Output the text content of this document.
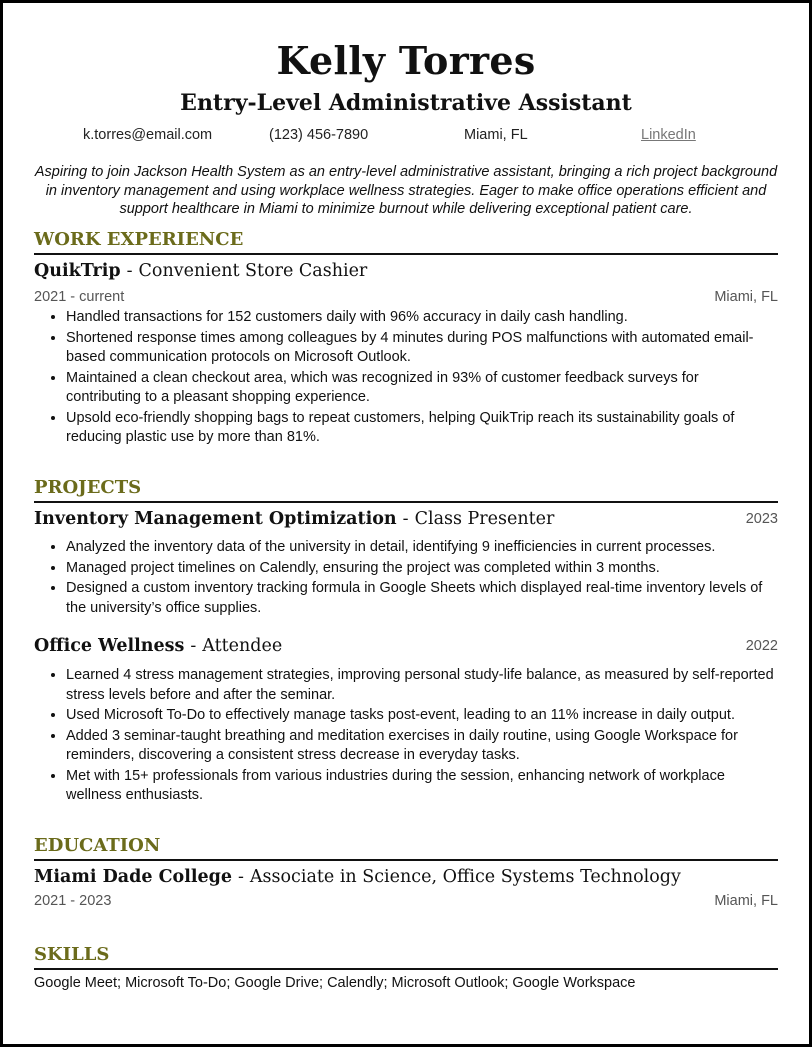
Kelly Torres
Entry-Level Administrative Assistant
k.torres@email.com	(123) 456-7890	Miami, FL	LinkedIn
Aspiring to join Jackson Health System as an entry-level administrative assistant, bringing a rich project background in inventory management and using workplace wellness strategies. Eager to make office operations efficient and support healthcare in Miami to minimize burnout while delivering exceptional patient care.
WORK EXPERIENCE
QuikTrip - Convenient Store Cashier
2021 - current	Miami, FL
• Handled transactions for 152 customers daily with 96% accuracy in daily cash handling.
• Shortened response times among colleagues by 4 minutes during POS malfunctions with automated email-based communication protocols on Microsoft Outlook.
• Maintained a clean checkout area, which was recognized in 93% of customer feedback surveys for contributing to a pleasant shopping experience.
• Upsold eco-friendly shopping bags to repeat customers, helping QuikTrip reach its sustainability goals of reducing plastic use by more than 81%.
PROJECTS
Inventory Management Optimization - Class Presenter	2023
• Analyzed the inventory data of the university in detail, identifying 9 inefficiencies in current processes.
• Managed project timelines on Calendly, ensuring the project was completed within 3 months.
• Designed a custom inventory tracking formula in Google Sheets which displayed real-time inventory levels of the university’s office supplies.
Office Wellness - Attendee	2022
• Learned 4 stress management strategies, improving personal study-life balance, as measured by self-reported stress levels before and after the seminar.
• Used Microsoft To-Do to effectively manage tasks post-event, leading to an 11% increase in daily output.
• Added 3 seminar-taught breathing and meditation exercises in daily routine, using Google Workspace for reminders, discovering a consistent stress decrease in everyday tasks.
• Met with 15+ professionals from various industries during the session, enhancing network of workplace wellness enthusiasts.
EDUCATION
Miami Dade College - Associate in Science, Office Systems Technology
2021 - 2023	Miami, FL
SKILLS
Google Meet; Microsoft To-Do; Google Drive; Calendly; Microsoft Outlook; Google Workspace
